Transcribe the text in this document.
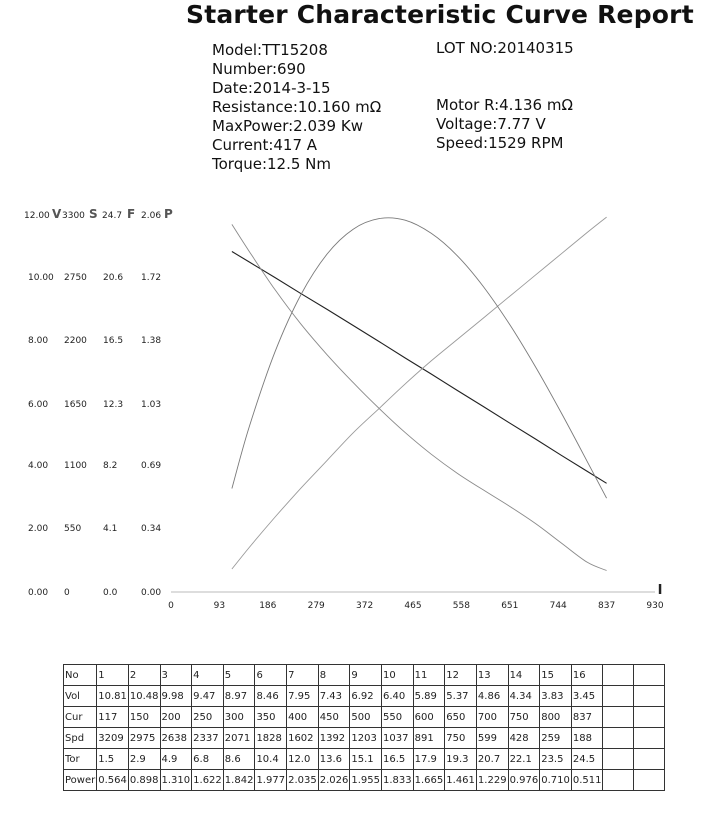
Starter Characteristic Curve Report
Model:TT15208
Number:690
Date:2014-3-15
Resistance:10.160 mΩ
MaxPower:2.039 Kw
Current:417 A
Torque:12.5 Nm
LOT NO:20140315
Motor R:4.136 mΩ
Voltage:7.77 V
Speed:1529 RPM
12.00 V 3300 S 24.7 F 2.06 P
10.00
8.00
6.00
4.00
2.00
0.00
2750
2200
1650
1100
550
0
20.6
16.5
12.3
8.2
4.1
0.0
1.72
1.38
1.03
0.69
0.34
0.00
0	93	186	279	372	465	558	651	744	837	930
I
No	1	2	3	4	5	6	7	8	9	10	11	12	13	14	15	16		
Vol	10.81	10.48	9.98	9.47	8.97	8.46	7.95	7.43	6.92	6.40	5.89	5.37	4.86	4.34	3.83	3.45		
Cur	117	150	200	250	300	350	400	450	500	550	600	650	700	750	800	837		
Spd	3209	2975	2638	2337	2071	1828	1602	1392	1203	1037	891	750	599	428	259	188		
Tor	1.5	2.9	4.9	6.8	8.6	10.4	12.0	13.6	15.1	16.5	17.9	19.3	20.7	22.1	23.5	24.5		
Power	0.564	0.898	1.310	1.622	1.842	1.977	2.035	2.026	1.955	1.833	1.665	1.461	1.229	0.976	0.710	0.511		
